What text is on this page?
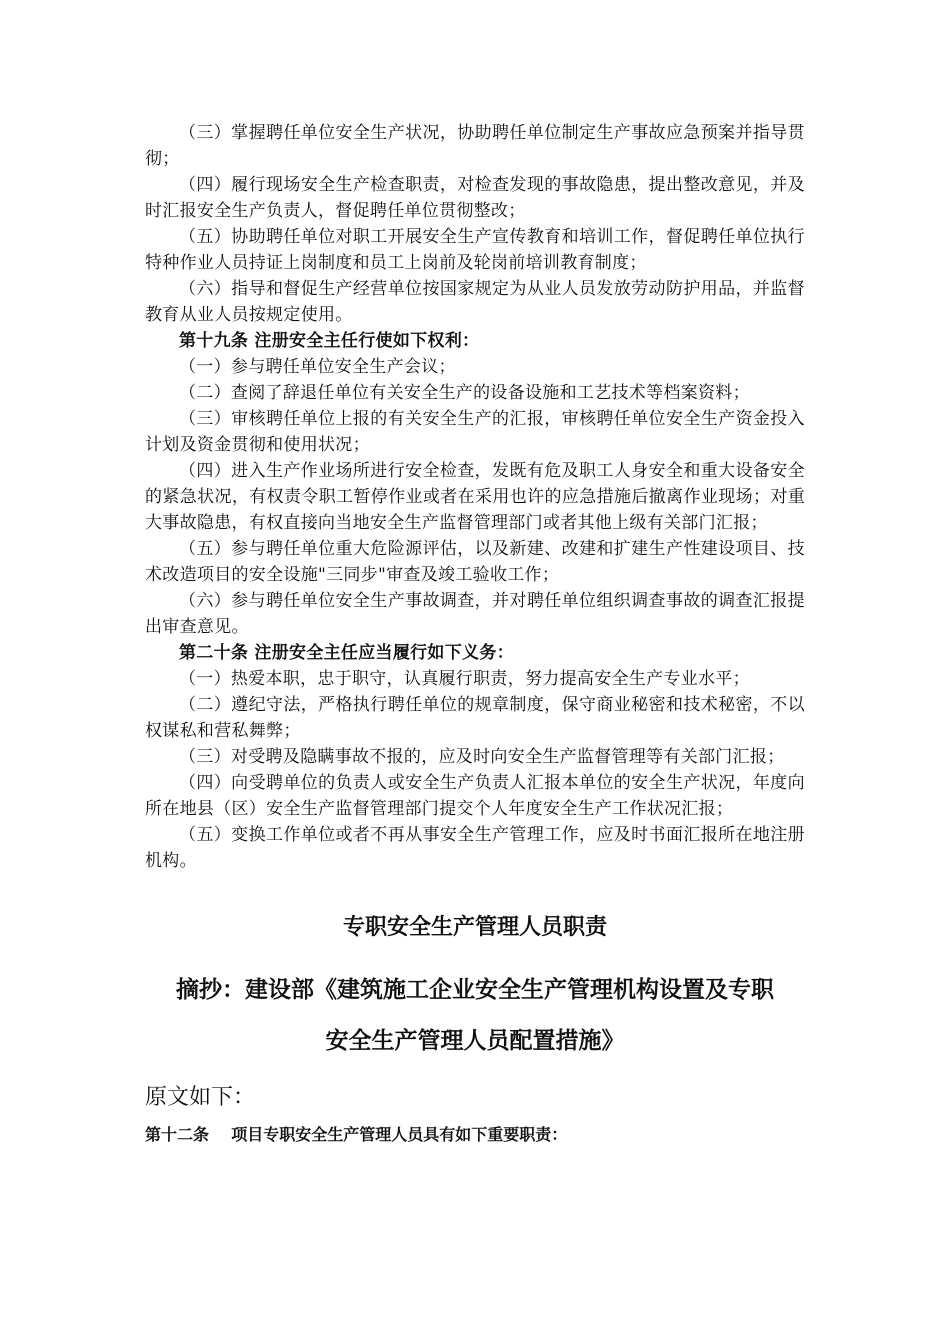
（三）掌握聘任单位安全生产状况，协助聘任单位制定生产事故应急预案并指导贯彻；

（四）履行现场安全生产检查职责，对检查发现的事故隐患，提出整改意见，并及时汇报安全生产负责人，督促聘任单位贯彻整改；

（五）协助聘任单位对职工开展安全生产宣传教育和培训工作，督促聘任单位执行特种作业人员持证上岗制度和员工上岗前及轮岗前培训教育制度；

（六）指导和督促生产经营单位按国家规定为从业人员发放劳动防护用品，并监督教育从业人员按规定使用。

第十九条 注册安全主任行使如下权利：

（一）参与聘任单位安全生产会议；

（二）查阅了辞退任单位有关安全生产的设备设施和工艺技术等档案资料；

（三）审核聘任单位上报的有关安全生产的汇报，审核聘任单位安全生产资金投入计划及资金贯彻和使用状况；

（四）进入生产作业场所进行安全检查，发既有危及职工人身安全和重大设备安全的紧急状况，有权责令职工暂停作业或者在采用也许的应急措施后撤离作业现场；对重大事故隐患，有权直接向当地安全生产监督管理部门或者其他上级有关部门汇报；

（五）参与聘任单位重大危险源评估，以及新建、改建和扩建生产性建设项目、技术改造项目的安全设施"三同步"审查及竣工验收工作；

（六）参与聘任单位安全生产事故调查，并对聘任单位组织调查事故的调查汇报提出审查意见。

第二十条 注册安全主任应当履行如下义务：

（一）热爱本职，忠于职守，认真履行职责，努力提高安全生产专业水平；

（二）遵纪守法，严格执行聘任单位的规章制度，保守商业秘密和技术秘密，不以权谋私和营私舞弊；

（三）对受聘及隐瞒事故不报的，应及时向安全生产监督管理等有关部门汇报；

（四）向受聘单位的负责人或安全生产负责人汇报本单位的安全生产状况，年度向所在地县（区）安全生产监督管理部门提交个人年度安全生产工作状况汇报；

（五）变换工作单位或者不再从事安全生产管理工作，应及时书面汇报所在地注册机构。

专职安全生产管理人员职责

摘抄：建设部《建筑施工企业安全生产管理机构设置及专职

安全生产管理人员配置措施》

原文如下：

第十二条    项目专职安全生产管理人员具有如下重要职责：
